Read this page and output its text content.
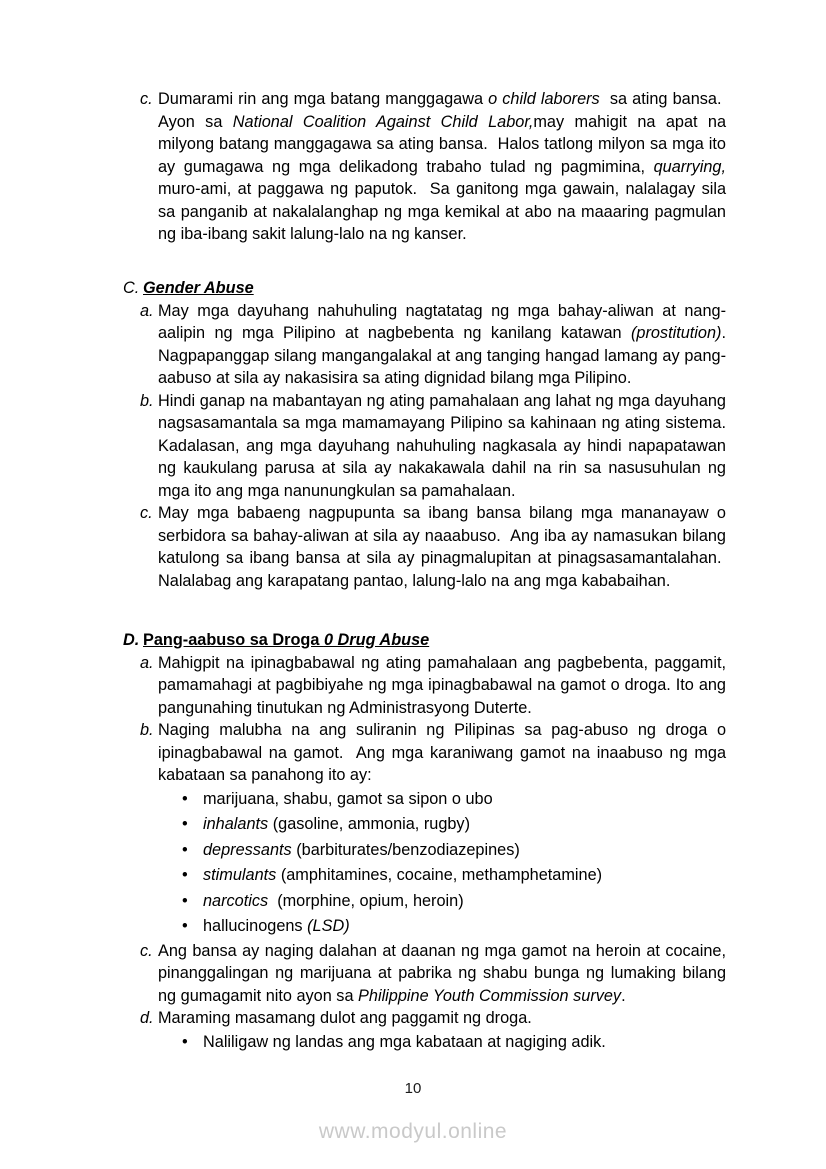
c. Dumarami rin ang mga batang manggagawa o child laborers  sa ating bansa.  Ayon sa National Coalition Against Child Labor,may mahigit na apat na milyong batang manggagawa sa ating bansa.  Halos tatlong milyon sa mga ito ay gumagawa ng mga delikadong trabaho tulad ng pagmimina, quarrying, muro-ami, at paggawa ng paputok.  Sa ganitong mga gawain, nalalagay sila sa panganib at nakalalanghap ng mga kemikal at abo na maaaring pagmulan ng iba-ibang sakit lalung-lalo na ng kanser.
C. Gender Abuse
a. May mga dayuhang nahuhuling nagtatatag ng mga bahay-aliwan at nang-aalipin ng mga Pilipino at nagbebenta ng kanilang katawan (prostitution). Nagpapanggap silang mangangalakal at ang tanging hangad lamang ay pang-aabuso at sila ay nakasisira sa ating dignidad bilang mga Pilipino.
b. Hindi ganap na mabantayan ng ating pamahalaan ang lahat ng mga dayuhang nagsasamantala sa mga mamamayang Pilipino sa kahinaan ng ating sistema. Kadalasan, ang mga dayuhang nahuhuling nagkasala ay hindi napapatawan ng kaukulang parusa at sila ay nakakawala dahil na rin sa nasusuhulan ng mga ito ang mga nanunungkulan sa pamahalaan.
c. May mga babaeng nagpupunta sa ibang bansa bilang mga mananayaw o serbidora sa bahay-aliwan at sila ay naaabuso.  Ang iba ay namasukan bilang katulong sa ibang bansa at sila ay pinagmalupitan at pinagsasamantalahan.  Nalalabag ang karapatang pantao, lalung-lalo na ang mga kababaihan.
D. Pang-aabuso sa Droga 0 Drug Abuse
a. Mahigpit na ipinagbabawal ng ating pamahalaan ang pagbebenta, paggamit, pamamahagi at pagbibiyahe ng mga ipinagbabawal na gamot o droga. Ito ang pangunahing tinutukan ng Administrasyong Duterte.
b. Naging malubha na ang suliranin ng Pilipinas sa pag-abuso ng droga o ipinagbabawal na gamot.  Ang mga karaniwang gamot na inaabuso ng mga kabataan sa panahong ito ay:
• marijuana, shabu, gamot sa sipon o ubo
• inhalants (gasoline, ammonia, rugby)
• depressants (barbiturates/benzodiazepines)
• stimulants (amphitamines, cocaine, methamphetamine)
• narcotics  (morphine, opium, heroin)
• hallucinogens (LSD)
c. Ang bansa ay naging dalahan at daanan ng mga gamot na heroin at cocaine, pinanggalingan ng marijuana at pabrika ng shabu bunga ng lumaking bilang ng gumagamit nito ayon sa Philippine Youth Commission survey.
d. Maraming masamang dulot ang paggamit ng droga.
• Naliligaw ng landas ang mga kabataan at nagiging adik.
10
www.modyul.online
